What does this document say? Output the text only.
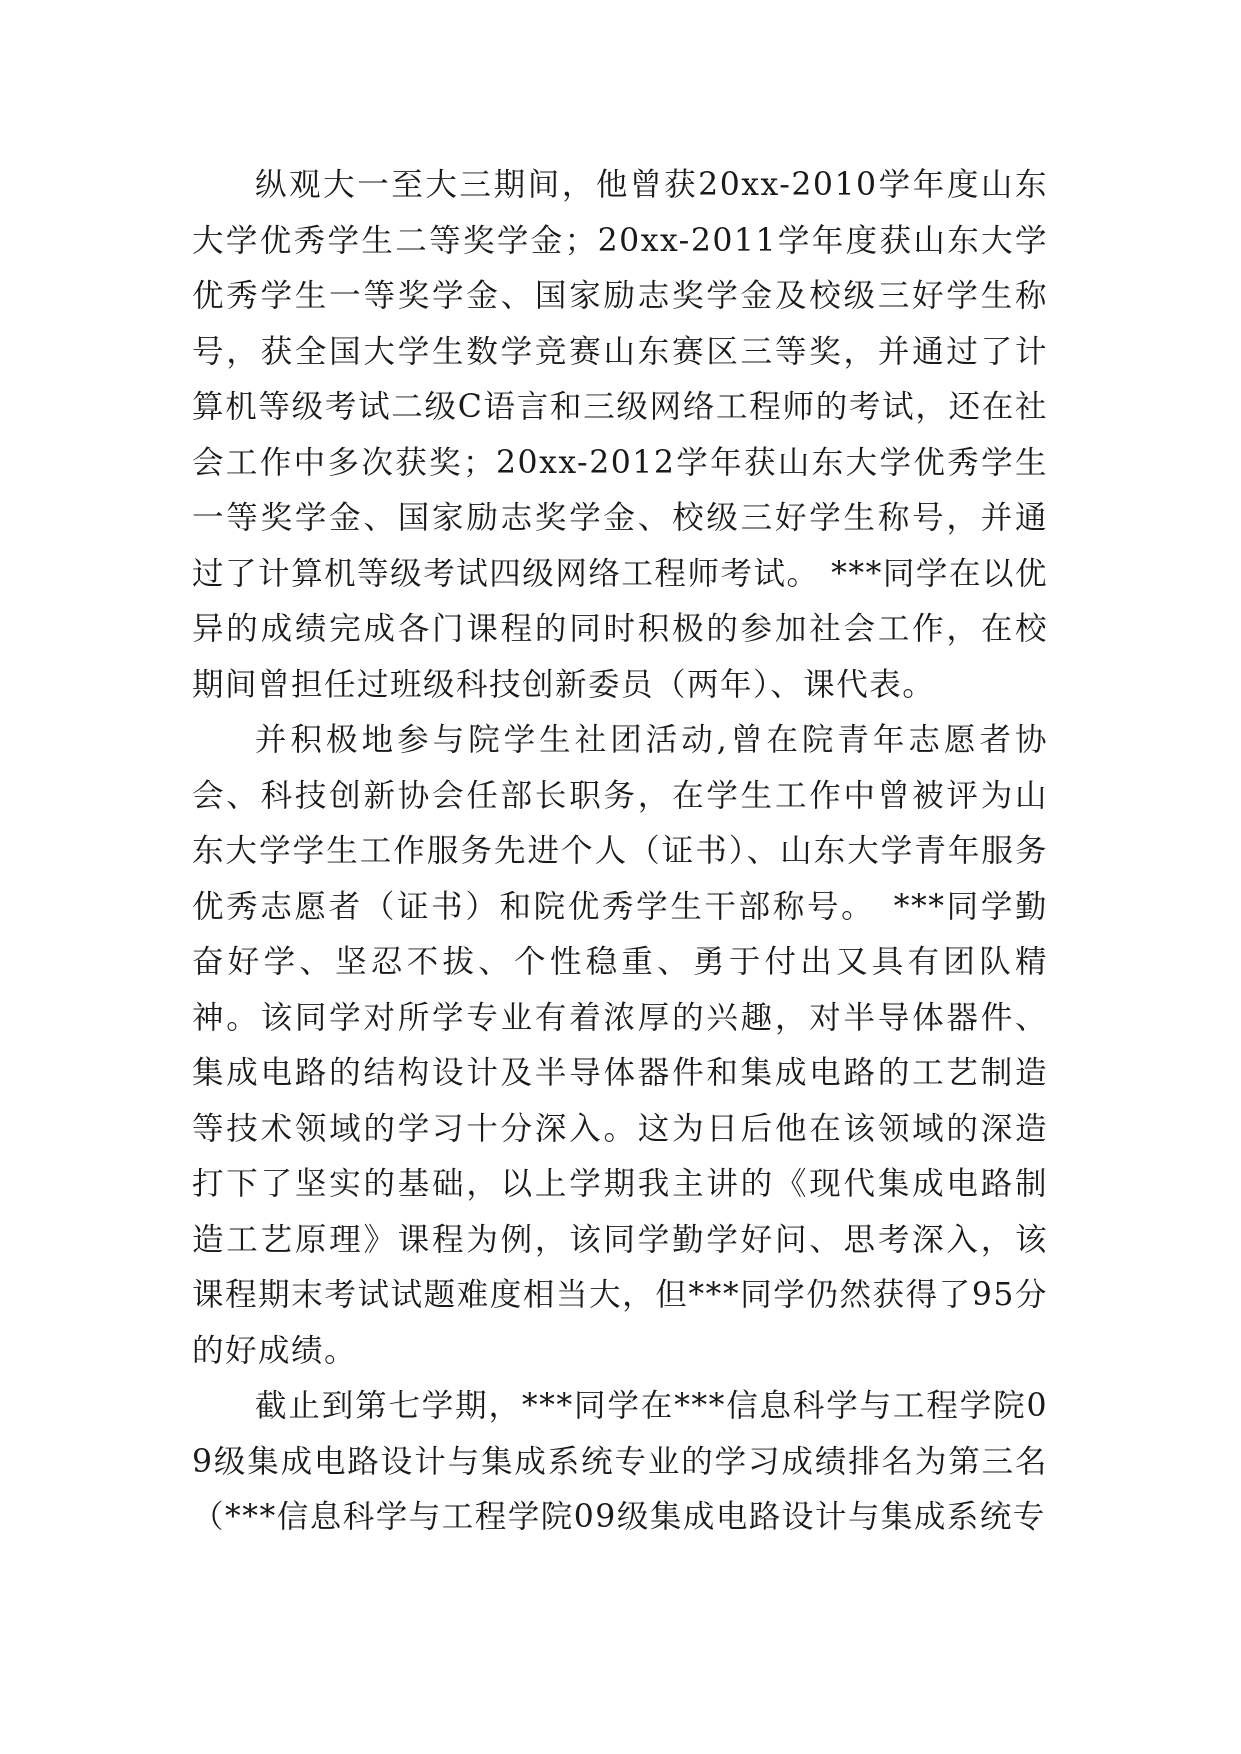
纵观大一至大三期间，他曾获20xx-2010学年度山东大学优秀学生二等奖学金；20xx-2011学年度获山东大学优秀学生一等奖学金、国家励志奖学金及校级三好学生称号，获全国大学生数学竞赛山东赛区三等奖，并通过了计算机等级考试二级C语言和三级网络工程师的考试，还在社会工作中多次获奖；20xx-2012学年获山东大学优秀学生一等奖学金、国家励志奖学金、校级三好学生称号，并通过了计算机等级考试四级网络工程师考试。 ***同学在以优异的成绩完成各门课程的同时积极的参加社会工作，在校期间曾担任过班级科技创新委员（两年）、课代表。

并积极地参与院学生社团活动,曾在院青年志愿者协会、科技创新协会任部长职务，在学生工作中曾被评为山东大学学生工作服务先进个人（证书）、山东大学青年服务优秀志愿者（证书）和院优秀学生干部称号。　***同学勤奋好学、坚忍不拔、个性稳重、勇于付出又具有团队精神。该同学对所学专业有着浓厚的兴趣，对半导体器件、集成电路的结构设计及半导体器件和集成电路的工艺制造等技术领域的学习十分深入。这为日后他在该领域的深造打下了坚实的基础，以上学期我主讲的《现代集成电路制造工艺原理》课程为例，该同学勤学好问、思考深入，该课程期末考试试题难度相当大，但***同学仍然获得了95分的好成绩。

截止到第七学期，***同学在***信息科学与工程学院09级集成电路设计与集成系统专业的学习成绩排名为第三名（***信息科学与工程学院09级集成电路设计与集成系统专
